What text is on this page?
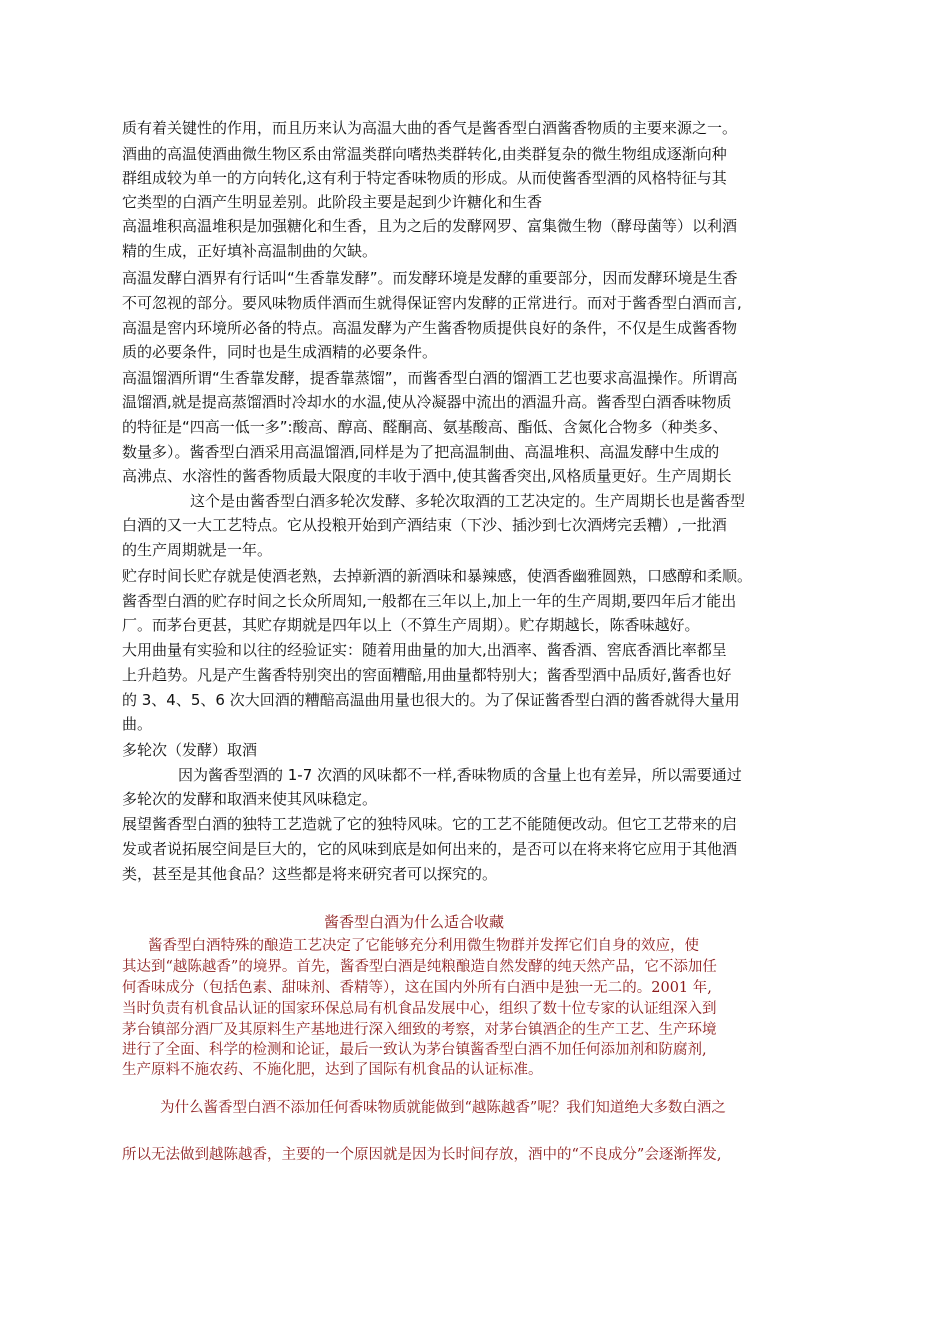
质有着关键性的作用，而且历来认为高温大曲的香气是酱香型白酒酱香物质的主要来源之一。
酒曲的高温使酒曲微生物区系由常温类群向嗜热类群转化,由类群复杂的微生物组成逐渐向种
群组成较为单一的方向转化,这有利于特定香味物质的形成。从而使酱香型酒的风格特征与其
它类型的白酒产生明显差别。此阶段主要是起到少许糖化和生香
高温堆积高温堆积是加强糖化和生香，且为之后的发酵网罗、富集微生物（酵母菌等）以利酒
精的生成，正好填补高温制曲的欠缺。
高温发酵白酒界有行话叫“生香靠发酵”。而发酵环境是发酵的重要部分，因而发酵环境是生香
不可忽视的部分。要风味物质伴酒而生就得保证窖内发酵的正常进行。而对于酱香型白酒而言,
高温是窖内环境所必备的特点。高温发酵为产生酱香物质提供良好的条件，不仅是生成酱香物
质的必要条件，同时也是生成酒精的必要条件。
高温馏酒所谓“生香靠发酵，提香靠蒸馏”，而酱香型白酒的馏酒工艺也要求高温操作。所谓高
温馏酒,就是提高蒸馏酒时冷却水的水温,使从冷凝器中流出的酒温升高。酱香型白酒香味物质
的特征是“四高一低一多”:酸高、醇高、醛酮高、氨基酸高、酯低、含氮化合物多（种类多、
数量多）。酱香型白酒采用高温馏酒,同样是为了把高温制曲、高温堆积、高温发酵中生成的
高沸点、水溶性的酱香物质最大限度的丰收于酒中,使其酱香突出,风格质量更好。生产周期长
这个是由酱香型白酒多轮次发酵、多轮次取酒的工艺决定的。生产周期长也是酱香型
白酒的又一大工艺特点。它从投粮开始到产酒结束（下沙、插沙到七次酒烤完丢糟）,一批酒
的生产周期就是一年。
贮存时间长贮存就是使酒老熟，去掉新酒的新酒味和暴辣感，使酒香幽雅圆熟，口感醇和柔顺。
酱香型白酒的贮存时间之长众所周知,一般都在三年以上,加上一年的生产周期,要四年后才能出
厂。而茅台更甚，其贮存期就是四年以上（不算生产周期）。贮存期越长，陈香味越好。
大用曲量有实验和以往的经验证实：随着用曲量的加大,出酒率、酱香酒、窖底香酒比率都呈
上升趋势。凡是产生酱香特别突出的窖面糟醅,用曲量都特别大；酱香型酒中品质好,酱香也好
的 3、4、5、6 次大回酒的糟醅高温曲用量也很大的。为了保证酱香型白酒的酱香就得大量用
曲。
多轮次（发酵）取酒
因为酱香型酒的 1-7 次酒的风味都不一样,香味物质的含量上也有差异，所以需要通过
多轮次的发酵和取酒来使其风味稳定。
展望酱香型白酒的独特工艺造就了它的独特风味。它的工艺不能随便改动。但它工艺带来的启
发或者说拓展空间是巨大的，它的风味到底是如何出来的，是否可以在将来将它应用于其他酒
类，甚至是其他食品？这些都是将来研究者可以探究的。
酱香型白酒为什么适合收藏
酱香型白酒特殊的酿造工艺决定了它能够充分利用微生物群并发挥它们自身的效应，使
其达到“越陈越香”的境界。首先，酱香型白酒是纯粮酿造自然发酵的纯天然产品，它不添加任
何香味成分（包括色素、甜味剂、香精等），这在国内外所有白酒中是独一无二的。2001 年,
当时负责有机食品认证的国家环保总局有机食品发展中心，组织了数十位专家的认证组深入到
茅台镇部分酒厂及其原料生产基地进行深入细致的考察，对茅台镇酒企的生产工艺、生产环境
进行了全面、科学的检测和论证，最后一致认为茅台镇酱香型白酒不加任何添加剂和防腐剂,
生产原料不施农药、不施化肥，达到了国际有机食品的认证标准。
为什么酱香型白酒不添加任何香味物质就能做到“越陈越香”呢？我们知道绝大多数白酒之
所以无法做到越陈越香，主要的一个原因就是因为长时间存放，酒中的“不良成分”会逐渐挥发,
